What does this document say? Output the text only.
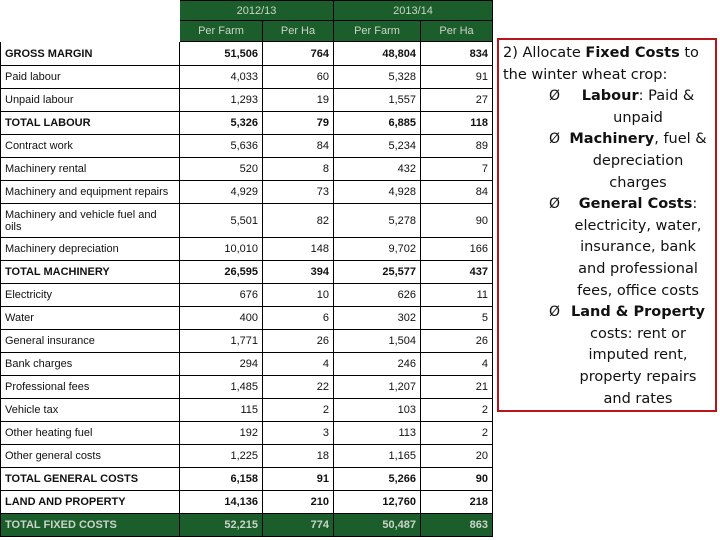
	2012/13		2013/14	
	Per Farm	Per Ha	Per Farm	Per Ha
GROSS MARGIN	51,506	764	48,804	834
Paid labour	4,033	60	5,328	91
Unpaid labour	1,293	19	1,557	27
TOTAL LABOUR	5,326	79	6,885	118
Contract work	5,636	84	5,234	89
Machinery rental	520	8	432	7
Machinery and equipment repairs	4,929	73	4,928	84
Machinery and vehicle fuel and oils	5,501	82	5,278	90
Machinery depreciation	10,010	148	9,702	166
TOTAL MACHINERY	26,595	394	25,577	437
Electricity	676	10	626	11
Water	400	6	302	5
General insurance	1,771	26	1,504	26
Bank charges	294	4	246	4
Professional fees	1,485	22	1,207	21
Vehicle tax	115	2	103	2
Other heating fuel	192	3	113	2
Other general costs	1,225	18	1,165	20
TOTAL GENERAL COSTS	6,158	91	5,266	90
LAND AND PROPERTY	14,136	210	12,760	218
TOTAL FIXED COSTS	52,215	774	50,487	863
2) Allocate Fixed Costs to the winter wheat crop:
Ø Labour: Paid & unpaid
Ø Machinery, fuel & depreciation charges
Ø General Costs: electricity, water, insurance, bank and professional fees, office costs
Ø Land & Property costs: rent or imputed rent, property repairs and rates
